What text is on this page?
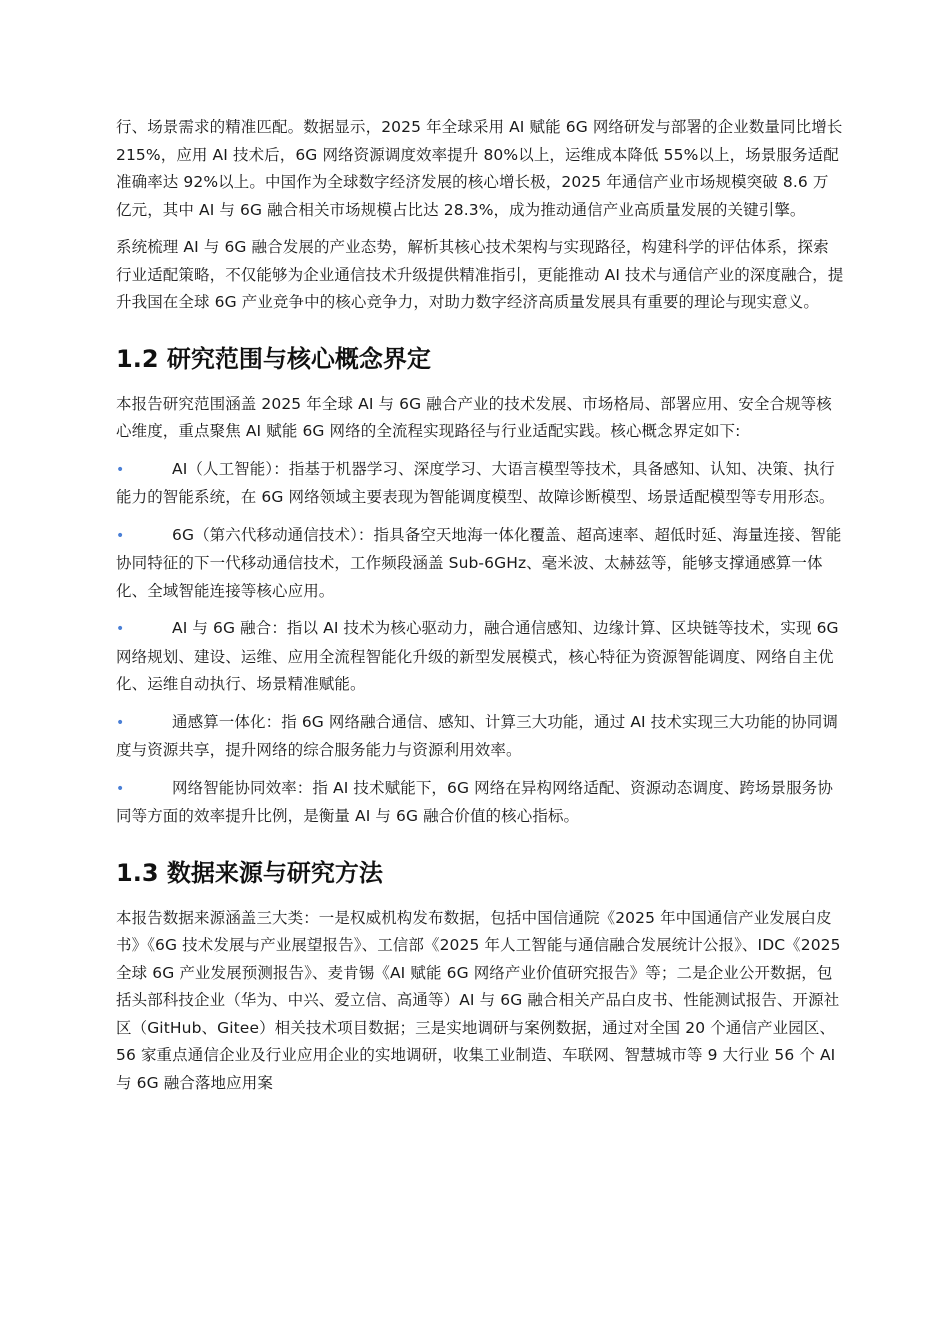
行、场景需求的精准匹配。数据显示，2025 年全球采用 AI 赋能 6G 网络研发与部署的企业数量同比增长 215%，应用 AI 技术后，6G 网络资源调度效率提升 80%以上，运维成本降低 55%以上，场景服务适配准确率达 92%以上。中国作为全球数字经济发展的核心增长极，2025 年通信产业市场规模突破 8.6 万亿元，其中 AI 与 6G 融合相关市场规模占比达 28.3%，成为推动通信产业高质量发展的关键引擎。

系统梳理 AI 与 6G 融合发展的产业态势，解析其核心技术架构与实现路径，构建科学的评估体系，探索行业适配策略，不仅能够为企业通信技术升级提供精准指引，更能推动 AI 技术与通信产业的深度融合，提升我国在全球 6G 产业竞争中的核心竞争力，对助力数字经济高质量发展具有重要的理论与现实意义。

1.2 研究范围与核心概念界定

本报告研究范围涵盖 2025 年全球 AI 与 6G 融合产业的技术发展、市场格局、部署应用、安全合规等核心维度，重点聚焦 AI 赋能 6G 网络的全流程实现路径与行业适配实践。核心概念界定如下:

•	AI（人工智能）：指基于机器学习、深度学习、大语言模型等技术，具备感知、认知、决策、执行能力的智能系统，在 6G 网络领域主要表现为智能调度模型、故障诊断模型、场景适配模型等专用形态。

•	6G（第六代移动通信技术）：指具备空天地海一体化覆盖、超高速率、超低时延、海量连接、智能协同特征的下一代移动通信技术，工作频段涵盖 Sub-6GHz、毫米波、太赫兹等，能够支撑通感算一体化、全域智能连接等核心应用。

•	AI 与 6G 融合：指以 AI 技术为核心驱动力，融合通信感知、边缘计算、区块链等技术，实现 6G 网络规划、建设、运维、应用全流程智能化升级的新型发展模式，核心特征为资源智能调度、网络自主优化、运维自动执行、场景精准赋能。

•	通感算一体化：指 6G 网络融合通信、感知、计算三大功能，通过 AI 技术实现三大功能的协同调度与资源共享，提升网络的综合服务能力与资源利用效率。

•	网络智能协同效率：指 AI 技术赋能下，6G 网络在异构网络适配、资源动态调度、跨场景服务协同等方面的效率提升比例，是衡量 AI 与 6G 融合价值的核心指标。

1.3 数据来源与研究方法

本报告数据来源涵盖三大类：一是权威机构发布数据，包括中国信通院《2025 年中国通信产业发展白皮书》《6G 技术发展与产业展望报告》、工信部《2025 年人工智能与通信融合发展统计公报》、IDC《2025 全球 6G 产业发展预测报告》、麦肯锡《AI 赋能 6G 网络产业价值研究报告》等；二是企业公开数据，包括头部科技企业（华为、中兴、爱立信、高通等）AI 与 6G 融合相关产品白皮书、性能测试报告、开源社区（GitHub、Gitee）相关技术项目数据；三是实地调研与案例数据，通过对全国 20 个通信产业园区、56 家重点通信企业及行业应用企业的实地调研，收集工业制造、车联网、智慧城市等 9 大行业 56 个 AI 与 6G 融合落地应用案
